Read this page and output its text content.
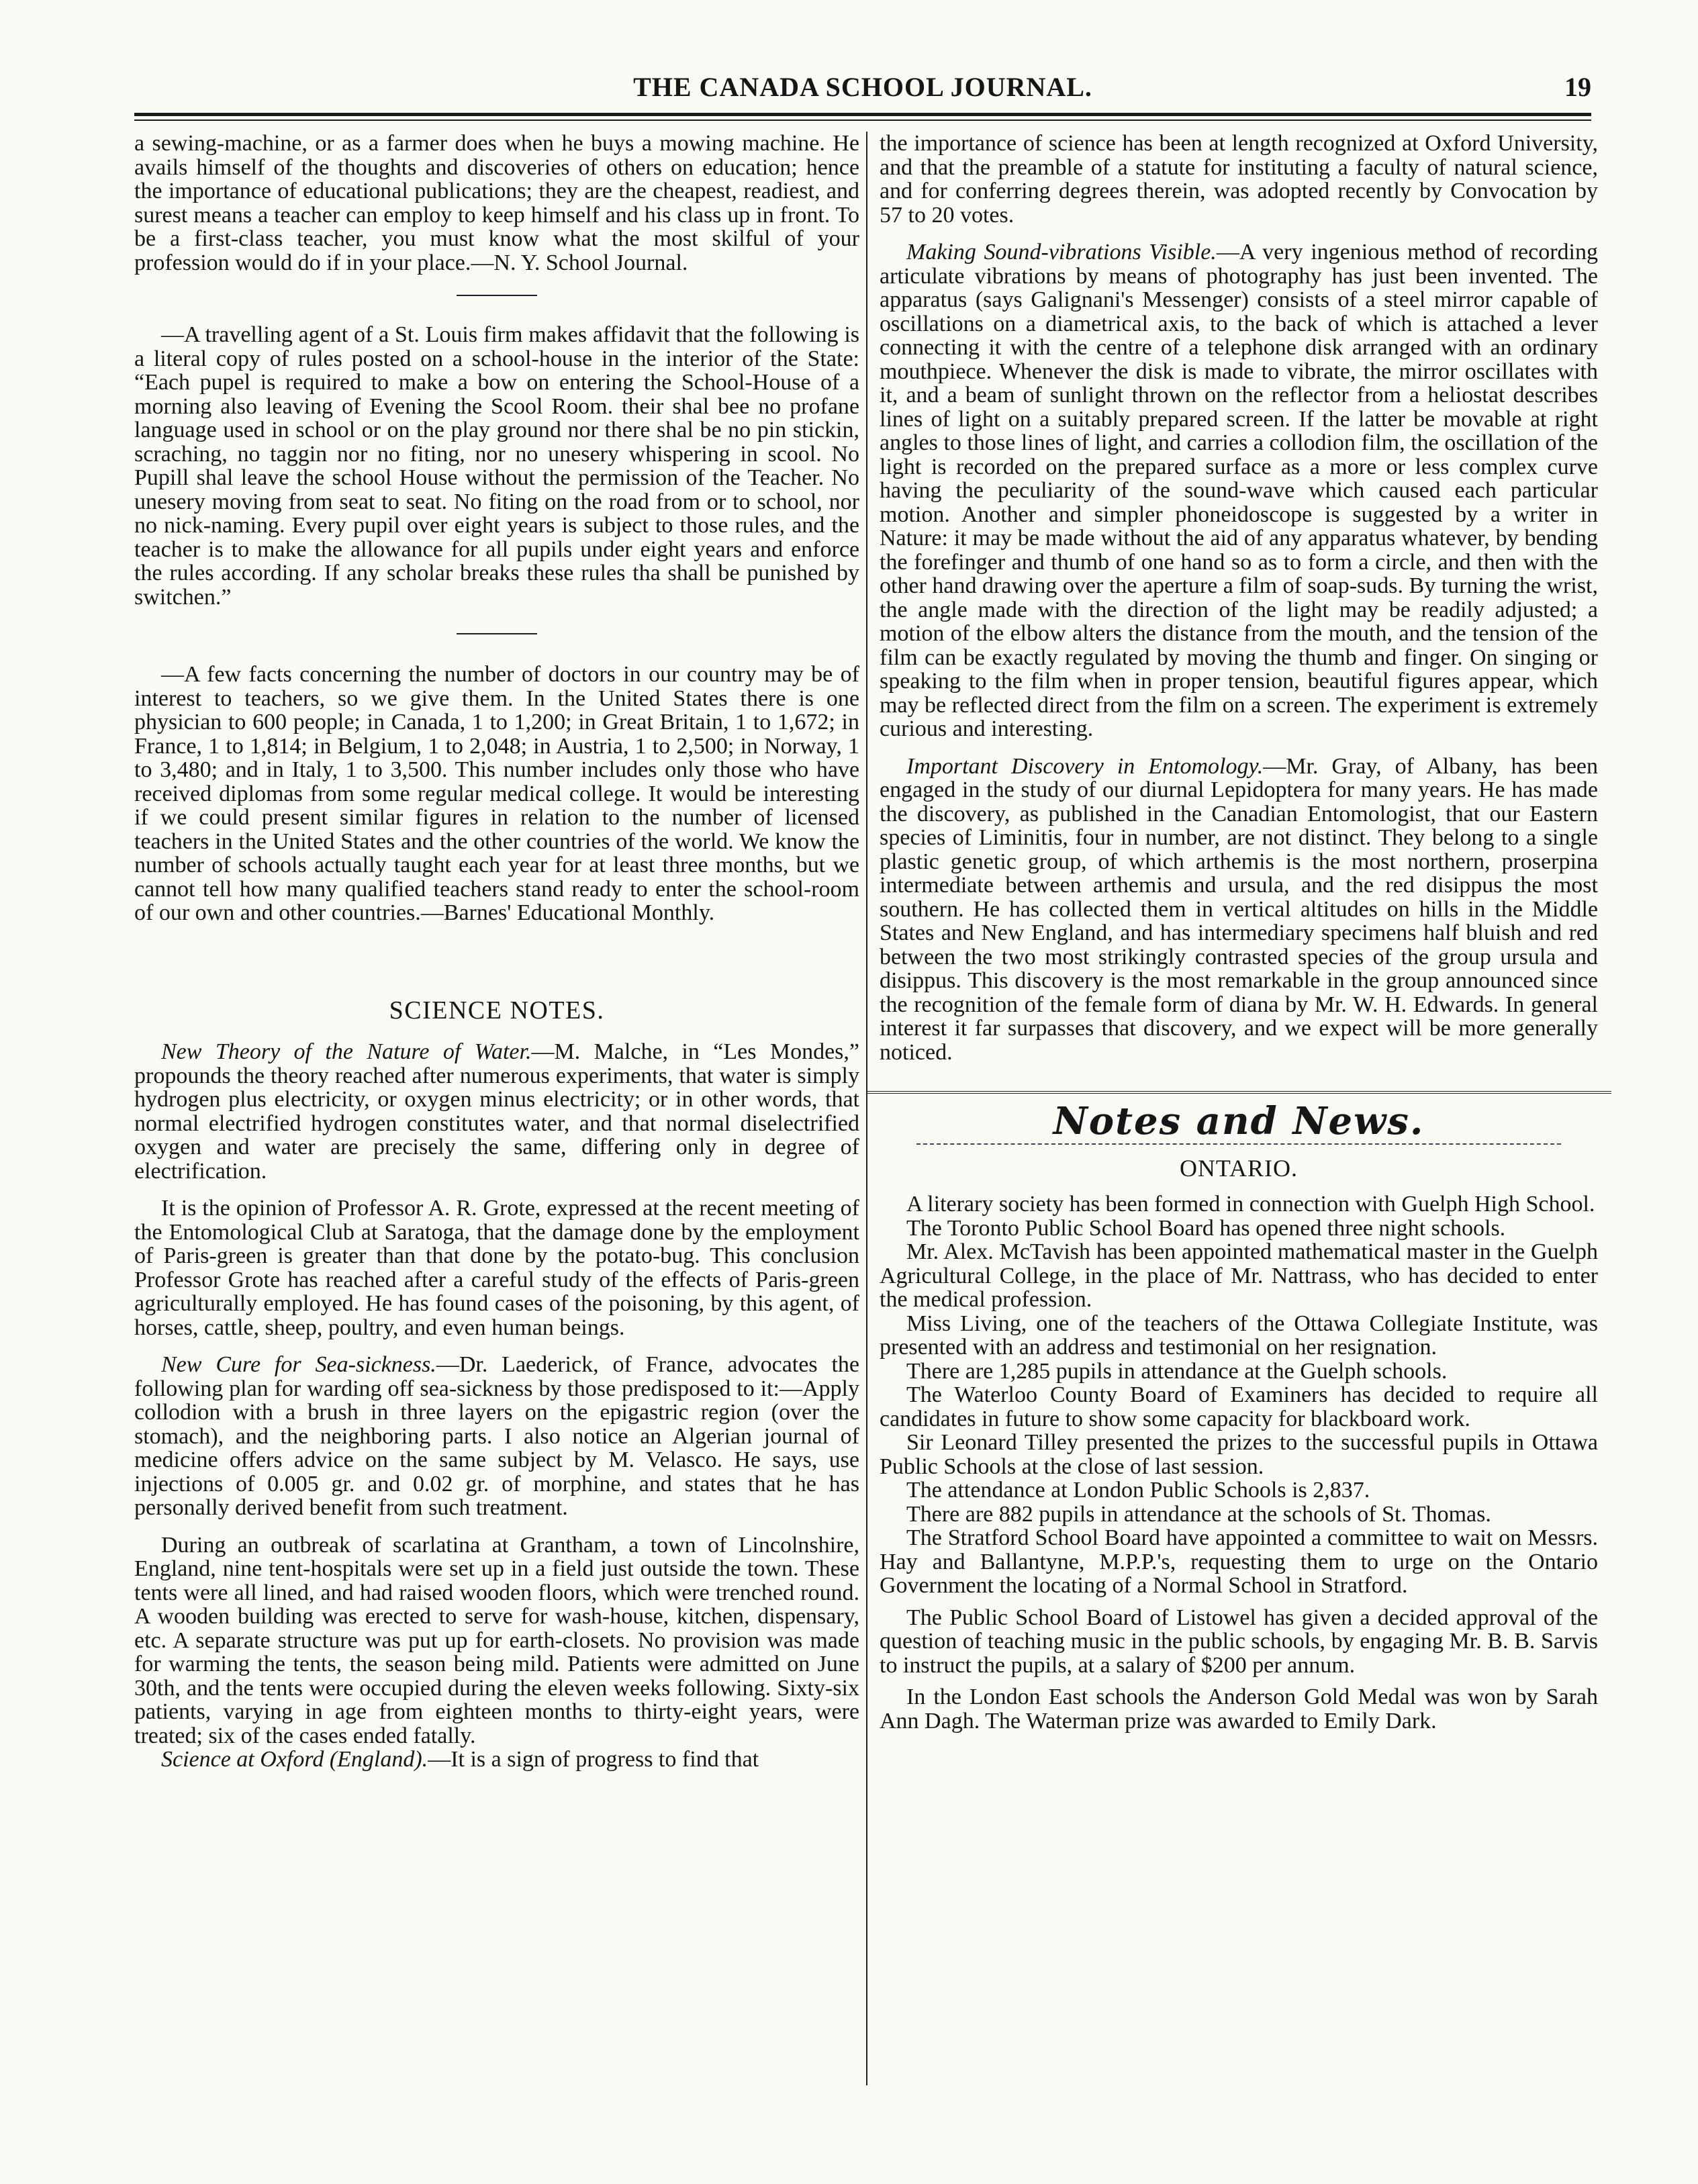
THE CANADA SCHOOL JOURNAL.	19

a sewing-machine, or as a farmer does when he buys a mowing machine. He avails himself of the thoughts and discoveries of others on education; hence the importance of educational publications; they are the cheapest, readiest, and surest means a teacher can employ to keep himself and his class up in front. To be a first-class teacher, you must know what the most skilful of your profession would do if in your place.—N. Y. School Journal.

—A travelling agent of a St. Louis firm makes affidavit that the following is a literal copy of rules posted on a school-house in the interior of the State: “Each pupel is required to make a bow on entering the School-House of a morning also leaving of Evening the Scool Room. their shal bee no profane language used in school or on the play ground nor there shal be no pin stickin, scraching, no taggin nor no fiting, nor no unesery whispering in scool. No Pupill shal leave the school House without the permission of the Teacher. No unesery moving from seat to seat. No fiting on the road from or to school, nor no nick-naming. Every pupil over eight years is subject to those rules, and the teacher is to make the allowance for all pupils under eight years and enforce the rules according. If any scholar breaks these rules tha shall be punished by switchen.”

—A few facts concerning the number of doctors in our country may be of interest to teachers, so we give them. In the United States there is one physician to 600 people; in Canada, 1 to 1,200; in Great Britain, 1 to 1,672; in France, 1 to 1,814; in Belgium, 1 to 2,048; in Austria, 1 to 2,500; in Norway, 1 to 3,480; and in Italy, 1 to 3,500. This number includes only those who have received diplomas from some regular medical college. It would be interesting if we could present similar figures in relation to the number of licensed teachers in the United States and the other countries of the world. We know the number of schools actually taught each year for at least three months, but we cannot tell how many qualified teachers stand ready to enter the school-room of our own and other countries.—Barnes' Educational Monthly.

SCIENCE NOTES.

New Theory of the Nature of Water.—M. Malche, in “Les Mondes,” propounds the theory reached after numerous experiments, that water is simply hydrogen plus electricity, or oxygen minus electricity; or in other words, that normal electrified hydrogen constitutes water, and that normal diselectrified oxygen and water are precisely the same, differing only in degree of electrification.

It is the opinion of Professor A. R. Grote, expressed at the recent meeting of the Entomological Club at Saratoga, that the damage done by the employment of Paris-green is greater than that done by the potato-bug. This conclusion Professor Grote has reached after a careful study of the effects of Paris-green agriculturally employed. He has found cases of the poisoning, by this agent, of horses, cattle, sheep, poultry, and even human beings.

New Cure for Sea-sickness.—Dr. Laederick, of France, advocates the following plan for warding off sea-sickness by those predisposed to it:—Apply collodion with a brush in three layers on the epigastric region (over the stomach), and the neighboring parts. I also notice an Algerian journal of medicine offers advice on the same subject by M. Velasco. He says, use injections of 0.005 gr. and 0.02 gr. of morphine, and states that he has personally derived benefit from such treatment.

During an outbreak of scarlatina at Grantham, a town of Lincolnshire, England, nine tent-hospitals were set up in a field just outside the town. These tents were all lined, and had raised wooden floors, which were trenched round. A wooden building was erected to serve for wash-house, kitchen, dispensary, etc. A separate structure was put up for earth-closets. No provision was made for warming the tents, the season being mild. Patients were admitted on June 30th, and the tents were occupied during the eleven weeks following. Sixty-six patients, varying in age from eighteen months to thirty-eight years, were treated; six of the cases ended fatally.

Science at Oxford (England).—It is a sign of progress to find that

the importance of science has been at length recognized at Oxford University, and that the preamble of a statute for instituting a faculty of natural science, and for conferring degrees therein, was adopted recently by Convocation by 57 to 20 votes.

Making Sound-vibrations Visible.—A very ingenious method of recording articulate vibrations by means of photography has just been invented. The apparatus (says Galignani's Messenger) consists of a steel mirror capable of oscillations on a diametrical axis, to the back of which is attached a lever connecting it with the centre of a telephone disk arranged with an ordinary mouthpiece. Whenever the disk is made to vibrate, the mirror oscillates with it, and a beam of sunlight thrown on the reflector from a heliostat describes lines of light on a suitably prepared screen. If the latter be movable at right angles to those lines of light, and carries a collodion film, the oscillation of the light is recorded on the prepared surface as a more or less complex curve having the peculiarity of the sound-wave which caused each particular motion. Another and simpler phoneidoscope is suggested by a writer in Nature: it may be made without the aid of any apparatus whatever, by bending the forefinger and thumb of one hand so as to form a circle, and then with the other hand drawing over the aperture a film of soap-suds. By turning the wrist, the angle made with the direction of the light may be readily adjusted; a motion of the elbow alters the distance from the mouth, and the tension of the film can be exactly regulated by moving the thumb and finger. On singing or speaking to the film when in proper tension, beautiful figures appear, which may be reflected direct from the film on a screen. The experiment is extremely curious and interesting.

Important Discovery in Entomology.—Mr. Gray, of Albany, has been engaged in the study of our diurnal Lepidoptera for many years. He has made the discovery, as published in the Canadian Entomologist, that our Eastern species of Liminitis, four in number, are not distinct. They belong to a single plastic genetic group, of which arthemis is the most northern, proserpina intermediate between arthemis and ursula, and the red disippus the most southern. He has collected them in vertical altitudes on hills in the Middle States and New England, and has intermediary specimens half bluish and red between the two most strikingly contrasted species of the group ursula and disippus. This discovery is the most remarkable in the group announced since the recognition of the female form of diana by Mr. W. H. Edwards. In general interest it far surpasses that discovery, and we expect will be more generally noticed.

Notes and News.
ONTARIO.

A literary society has been formed in connection with Guelph High School.

The Toronto Public School Board has opened three night schools.

Mr. Alex. McTavish has been appointed mathematical master in the Guelph Agricultural College, in the place of Mr. Nattrass, who has decided to enter the medical profession.

Miss Living, one of the teachers of the Ottawa Collegiate Institute, was presented with an address and testimonial on her resignation.

There are 1,285 pupils in attendance at the Guelph schools.

The Waterloo County Board of Examiners has decided to require all candidates in future to show some capacity for blackboard work.

Sir Leonard Tilley presented the prizes to the successful pupils in Ottawa Public Schools at the close of last session.

The attendance at London Public Schools is 2,837.

There are 882 pupils in attendance at the schools of St. Thomas.

The Stratford School Board have appointed a committee to wait on Messrs. Hay and Ballantyne, M.P.P.'s, requesting them to urge on the Ontario Government the locating of a Normal School in Stratford.

The Public School Board of Listowel has given a decided approval of the question of teaching music in the public schools, by engaging Mr. B. B. Sarvis to instruct the pupils, at a salary of $200 per annum.

In the London East schools the Anderson Gold Medal was won by Sarah Ann Dagh. The Waterman prize was awarded to Emily Dark.
